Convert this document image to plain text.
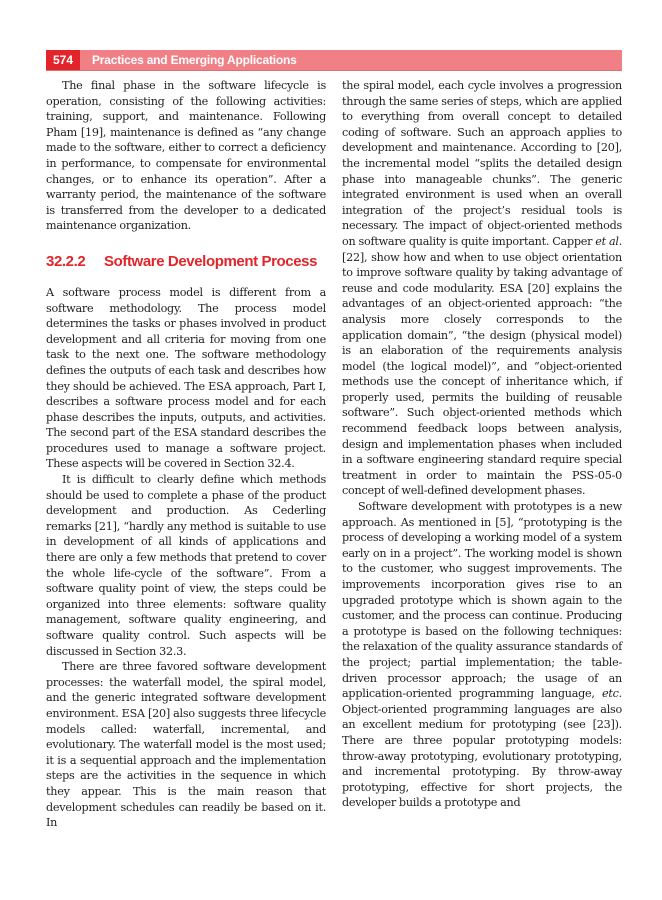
574	Practices and Emerging Applications

The final phase in the software lifecycle is operation, consisting of the following activities: training, support, and maintenance. Following Pham [19], maintenance is defined as “any change made to the software, either to correct a deficiency in performance, to compensate for environmental changes, or to enhance its operation”. After a warranty period, the maintenance of the software is transferred from the developer to a dedicated maintenance organization.

32.2.2 Software Development Process

A software process model is different from a software methodology. The process model determines the tasks or phases involved in product development and all criteria for moving from one task to the next one. The software methodology defines the outputs of each task and describes how they should be achieved. The ESA approach, Part I, describes a software process model and for each phase describes the inputs, outputs, and activities. The second part of the ESA standard describes the procedures used to manage a software project. These aspects will be covered in Section 32.4.

It is difficult to clearly define which methods should be used to complete a phase of the product development and production. As Cederling remarks [21], “hardly any method is suitable to use in development of all kinds of applications and there are only a few methods that pretend to cover the whole life-cycle of the software”. From a software quality point of view, the steps could be organized into three elements: software quality management, software quality engineering, and software quality control. Such aspects will be discussed in Section 32.3.

There are three favored software development processes: the waterfall model, the spiral model, and the generic integrated software development environment. ESA [20] also suggests three lifecycle models called: waterfall, incremental, and evolutionary. The waterfall model is the most used; it is a sequential approach and the implementation steps are the activities in the sequence in which they appear. This is the main reason that development schedules can readily be based on it. In

the spiral model, each cycle involves a progression through the same series of steps, which are applied to everything from overall concept to detailed coding of software. Such an approach applies to development and maintenance. According to [20], the incremental model “splits the detailed design phase into manageable chunks”. The generic integrated environment is used when an overall integration of the project’s residual tools is necessary. The impact of object-oriented methods on software quality is quite important. Capper et al. [22], show how and when to use object orientation to improve software quality by taking advantage of reuse and code modularity. ESA [20] explains the advantages of an object-oriented approach: “the analysis more closely corresponds to the application domain”, “the design (physical model) is an elaboration of the requirements analysis model (the logical model)”, and “object-oriented methods use the concept of inheritance which, if properly used, permits the building of reusable software”. Such object-oriented methods which recommend feedback loops between analysis, design and implementation phases when included in a software engineering standard require special treatment in order to maintain the PSS-05-0 concept of well-defined development phases.

Software development with prototypes is a new approach. As mentioned in [5], “prototyping is the process of developing a working model of a system early on in a project”. The working model is shown to the customer, who suggest improvements. The improvements incorporation gives rise to an upgraded prototype which is shown again to the customer, and the process can continue. Producing a prototype is based on the following techniques: the relaxation of the quality assurance standards of the project; partial implementation; the table-driven processor approach; the usage of an application-oriented programming language, etc. Object-oriented programming languages are also an excellent medium for prototyping (see [23]). There are three popular prototyping models: throw-away prototyping, evolutionary prototyping, and incremental prototyping. By throw-away prototyping, effective for short projects, the developer builds a prototype and
